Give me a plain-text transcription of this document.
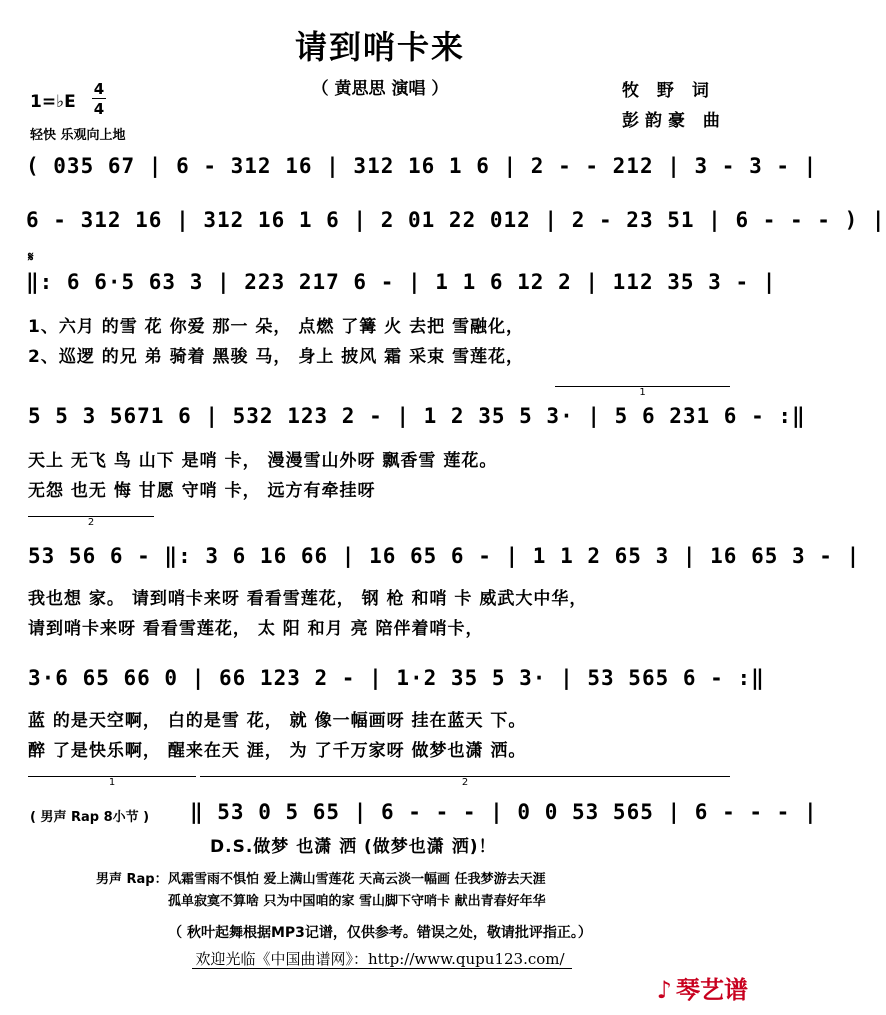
请到哨卡来
（ 黄思思 演唱 ）	牧 野 词
彭韵豪 曲
1=♭E
4
4
轻快 乐观向上地
( 035 67 | 6 - 312 16 | 312 16 1 6 | 2 - - 212 | 3 - 3 - |
6 - 312 16 | 312 16 1 6 | 2 01 22 012 | 2 - 23 51 | 6 - - - ) |
𝄋
‖: 6 6·5 63 3 | 223 217 6 - | 1 1 6 12 2 | 112 35 3 - |
1、六月 的雪 花 你爱 那一 朵， 点燃 了篝 火 去把 雪融化，
2、巡逻 的兄 弟 骑着 黑骏 马， 身上 披风 霜 采束 雪莲花，
1
5 5 3 5671 6 | 532 123 2 - | 1 2 35 5 3· | 5 6 231 6 - :‖
天上 无飞 鸟 山下 是哨 卡， 漫漫雪山外呀 飘香雪 莲花。
无怨 也无 悔 甘愿 守哨 卡， 远方有牵挂呀
2
53 56 6 - ‖: 3 6 16 66 | 16 65 6 - | 1 1 2 65 3 | 16 65 3 - |
我也想 家。 请到哨卡来呀 看看雪莲花， 钢 枪 和哨 卡 威武大中华，
请到哨卡来呀 看看雪莲花， 太 阳 和月 亮 陪伴着哨卡，
3·6 65 66 0 | 66 123 2 - | 1·2 35 5 3· | 53 565 6 - :‖
蓝 的是天空啊， 白的是雪 花， 就 像一幅画呀 挂在蓝天 下。
醉 了是快乐啊， 醒来在天 涯， 为 了千万家呀 做梦也潇 洒。
1	2
( 男声 Rap 8小节 ) ‖ 53 0 5 65 | 6 - - - | 0 0 53 565 | 6 - - - |
D.S.做梦 也潇 洒 (做梦也潇 洒)！
男声 Rap： 风霜雪雨不惧怕 爱上满山雪莲花 天高云淡一幅画 任我梦游去天涯
孤单寂寞不算啥 只为中国咱的家 雪山脚下守哨卡 献出青春好年华
（ 秋叶起舞根据MP3记谱，仅供参考。错误之处，敬请批评指正。）
欢迎光临《中国曲谱网》：http://www.qupu123.com/
♪ 琴艺谱
